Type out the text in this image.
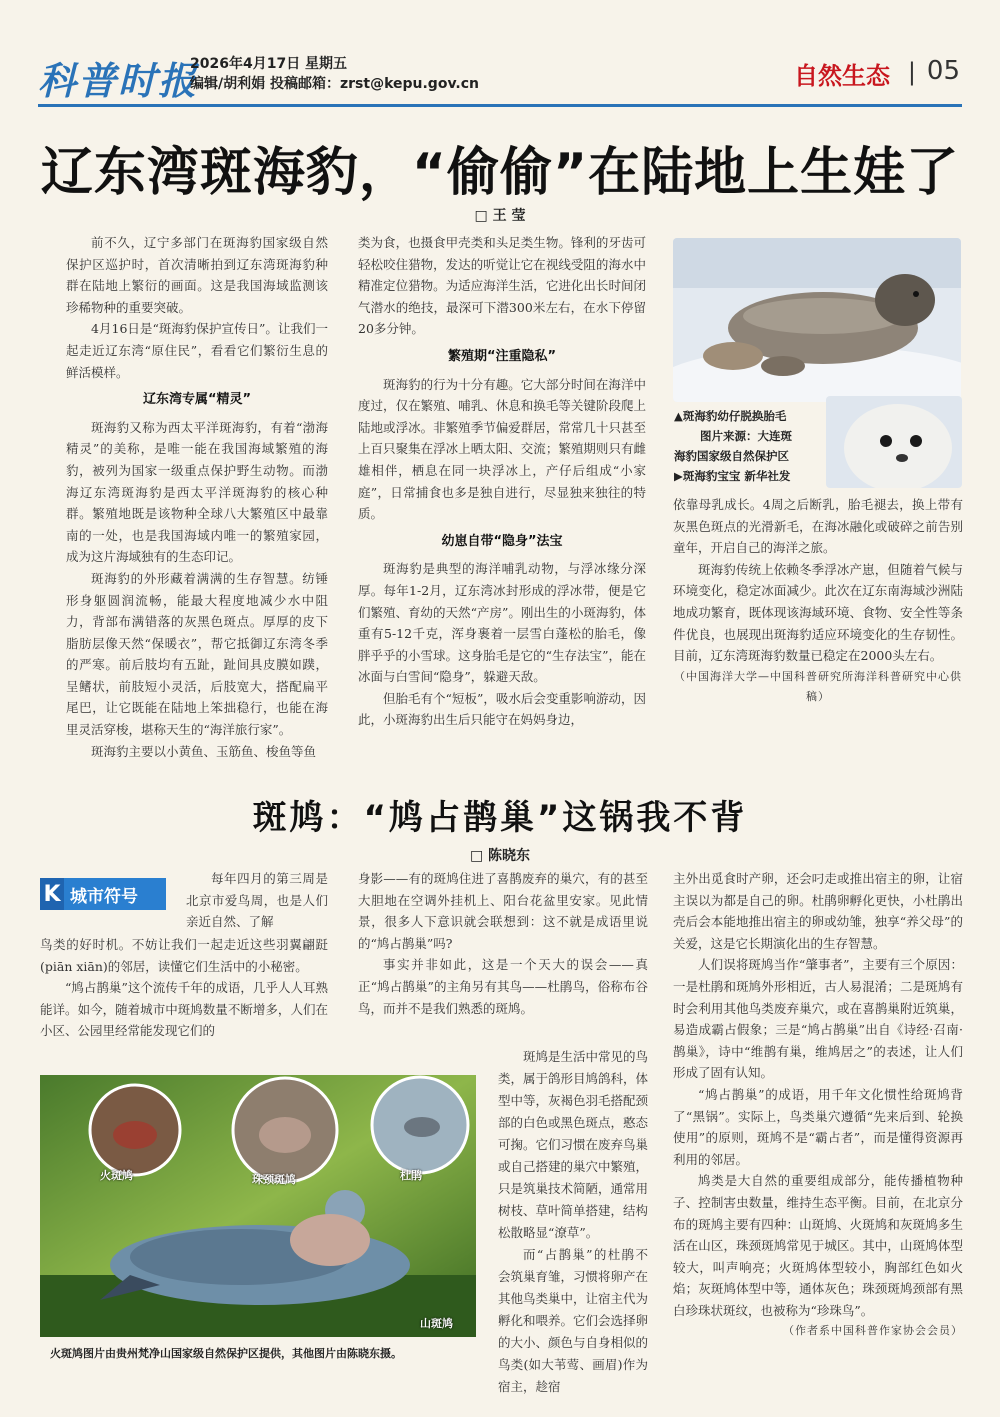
科普时报
2026年4月17日 星期五
编辑/胡利娟 投稿邮箱：zrst@kepu.gov.cn	自然生态 | 05
辽东湾斑海豹，“偷偷”在陆地上生娃了
□ 王 莹

前不久，辽宁多部门在斑海豹国家级自然保护区巡护时，首次清晰拍到辽东湾斑海豹种群在陆地上繁衍的画面。这是我国海域监测该珍稀物种的重要突破。

4月16日是“斑海豹保护宣传日”。让我们一起走近辽东湾“原住民”，看看它们繁衍生息的鲜活模样。

辽东湾专属“精灵”

斑海豹又称为西太平洋斑海豹，有着“渤海精灵”的美称，是唯一能在我国海域繁殖的海豹，被列为国家一级重点保护野生动物。而渤海辽东湾斑海豹是西太平洋斑海豹的核心种群。繁殖地既是该物种全球八大繁殖区中最靠南的一处，也是我国海域内唯一的繁殖家园，成为这片海域独有的生态印记。

斑海豹的外形藏着满满的生存智慧。纺锤形身躯圆润流畅，能最大程度地减少水中阻力，背部布满错落的灰黑色斑点。厚厚的皮下脂肪层像天然“保暖衣”，帮它抵御辽东湾冬季的严寒。前后肢均有五趾，趾间具皮膜如蹼，呈鳍状，前肢短小灵活，后肢宽大，搭配扁平尾巴，让它既能在陆地上笨拙稳行，也能在海里灵活穿梭，堪称天生的“海洋旅行家”。

斑海豹主要以小黄鱼、玉筋鱼、梭鱼等鱼

类为食，也摄食甲壳类和头足类生物。锋利的牙齿可轻松咬住猎物，发达的听觉让它在视线受阻的海水中精准定位猎物。为适应海洋生活，它进化出长时间闭气潜水的绝技，最深可下潜300米左右，在水下停留20多分钟。

繁殖期“注重隐私”

斑海豹的行为十分有趣。它大部分时间在海洋中度过，仅在繁殖、哺乳、休息和换毛等关键阶段爬上陆地或浮冰。非繁殖季节偏爱群居，常常几十只甚至上百只聚集在浮冰上晒太阳、交流；繁殖期则只有雌雄相伴，栖息在同一块浮冰上，产仔后组成“小家庭”，日常捕食也多是独自进行，尽显独来独往的特质。

幼崽自带“隐身”法宝

斑海豹是典型的海洋哺乳动物，与浮冰缘分深厚。每年1-2月，辽东湾冰封形成的浮冰带，便是它们繁殖、育幼的天然“产房”。刚出生的小斑海豹，体重有5-12千克，浑身裹着一层雪白蓬松的胎毛，像胖乎乎的小雪球。这身胎毛是它的“生存法宝”，能在冰面与白雪间“隐身”，躲避天敌。

但胎毛有个“短板”，吸水后会变重影响游动，因此，小斑海豹出生后只能守在妈妈身边，

▲斑海豹幼仔脱换胎毛
图片来源：大连斑
海豹国家级自然保护区
▶斑海豹宝宝 新华社发

依靠母乳成长。4周之后断乳，胎毛褪去，换上带有灰黑色斑点的光滑新毛，在海冰融化或破碎之前告别童年，开启自己的海洋之旅。

斑海豹传统上依赖冬季浮冰产崽，但随着气候与环境变化，稳定冰面减少。此次在辽东南海域沙洲陆地成功繁育，既体现该海域环境、食物、安全性等条件优良，也展现出斑海豹适应环境变化的生存韧性。目前，辽东湾斑海豹数量已稳定在2000头左右。

（中国海洋大学—中国科普研究所海洋科普研究中心供稿）
斑鸠：“鸠占鹊巢”这锅我不背
□ 陈晓东
K 城市符号

每年四月的第三周是北京市爱鸟周，也是人们亲近自然、了解

鸟类的好时机。不妨让我们一起走近这些羽翼翩跹(piān xiān)的邻居，读懂它们生活中的小秘密。

“鸠占鹊巢”这个流传千年的成语，几乎人人耳熟能详。如今，随着城市中斑鸠数量不断增多，人们在小区、公园里经常能发现它们的

身影——有的斑鸠住进了喜鹊废弃的巢穴，有的甚至大胆地在空调外挂机上、阳台花盆里安家。见此情景，很多人下意识就会联想到：这不就是成语里说的“鸠占鹊巢”吗?

事实并非如此，这是一个天大的误会——真正“鸠占鹊巢”的主角另有其鸟——杜鹃鸟，俗称布谷鸟，而并不是我们熟悉的斑鸠。

斑鸠是生活中常见的鸟类，属于鸽形目鸠鸽科，体型中等，灰褐色羽毛搭配颈部的白色或黑色斑点，憨态可掬。它们习惯在废弃鸟巢或自己搭建的巢穴中繁殖，只是筑巢技术简陋，通常用树枝、草叶简单搭建，结构松散略显“潦草”。

而“占鹊巢”的杜鹃不会筑巢育雏，习惯将卵产在其他鸟类巢中，让宿主代为孵化和喂养。它们会选择卵的大小、颜色与自身相似的鸟类(如大苇莺、画眉)作为宿主，趁宿

主外出觅食时产卵，还会叼走或推出宿主的卵，让宿主误以为都是自己的卵。杜鹃卵孵化更快，小杜鹃出壳后会本能地推出宿主的卵或幼雏，独享“养父母”的关爱，这是它长期演化出的生存智慧。

人们误将斑鸠当作“肇事者”，主要有三个原因：一是杜鹃和斑鸠外形相近，古人易混淆；二是斑鸠有时会利用其他鸟类废弃巢穴，或在喜鹊巢附近筑巢，易造成霸占假象；三是“鸠占鹊巢”出自《诗经·召南·鹊巢》，诗中“维鹊有巢，维鸠居之”的表述，让人们形成了固有认知。

“鸠占鹊巢”的成语，用千年文化惯性给斑鸠背了“黑锅”。实际上，鸟类巢穴遵循“先来后到、轮换使用”的原则，斑鸠不是“霸占者”，而是懂得资源再利用的邻居。

鸠类是大自然的重要组成部分，能传播植物种子、控制害虫数量，维持生态平衡。目前，在北京分布的斑鸠主要有四种：山斑鸠、火斑鸠和灰斑鸠多生活在山区，珠颈斑鸠常见于城区。其中，山斑鸠体型较大，叫声响亮；火斑鸠体型较小，胸部红色如火焰；灰斑鸠体型中等，通体灰色；珠颈斑鸠颈部有黑白珍珠状斑纹，也被称为“珍珠鸟”。

（作者系中国科普作家协会会员）
火斑鸠	珠颈斑鸠	杜鹃
山斑鸠
火斑鸠图片由贵州梵净山国家级自然保护区提供，其他图片由陈晓东摄。
